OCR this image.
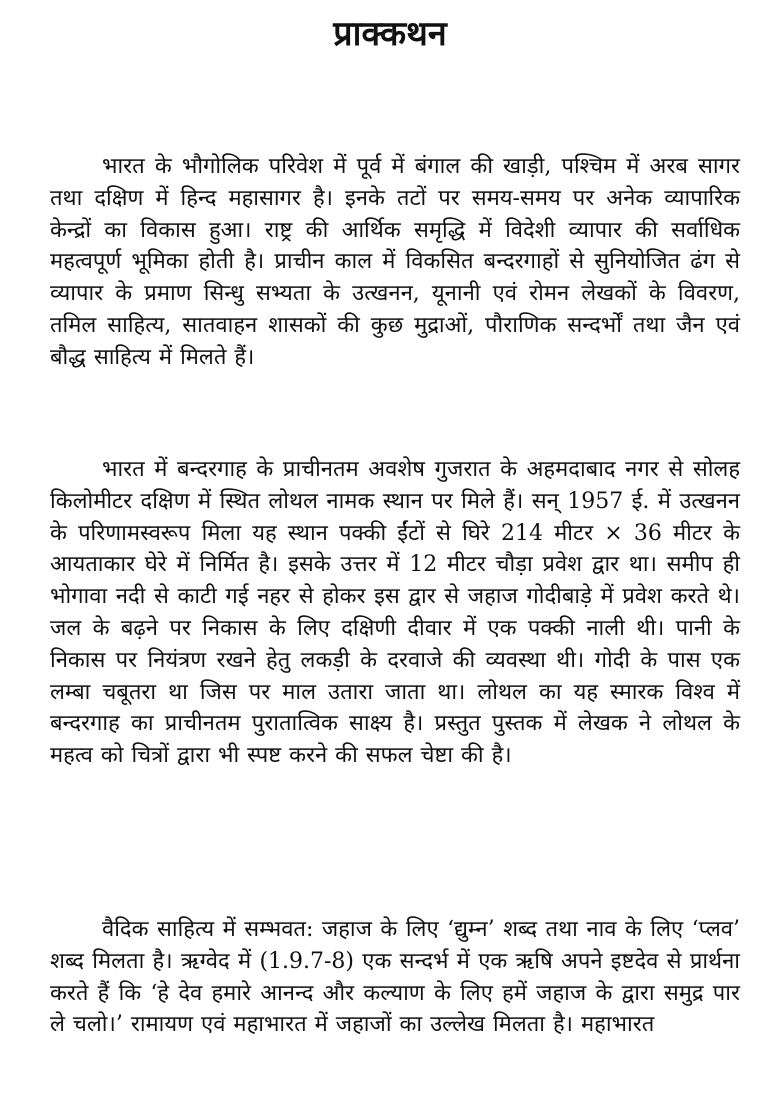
प्राक्कथन

भारत के भौगोलिक परिवेश में पूर्व में बंगाल की खाड़ी, पश्चिम में अरब सागर तथा दक्षिण में हिन्द महासागर है। इनके तटों पर समय-समय पर अनेक व्यापारिक केन्द्रों का विकास हुआ। राष्ट्र की आर्थिक समृद्धि में विदेशी व्यापार की सर्वाधिक महत्वपूर्ण भूमिका होती है। प्राचीन काल में विकसित बन्दरगाहों से सुनियोजित ढंग से व्यापार के प्रमाण सिन्धु सभ्यता के उत्खनन, यूनानी एवं रोमन लेखकों के विवरण, तमिल साहित्य, सातवाहन शासकों की कुछ मुद्राओं, पौराणिक सन्दर्भों तथा जैन एवं बौद्ध साहित्य में मिलते हैं।

भारत में बन्दरगाह के प्राचीनतम अवशेष गुजरात के अहमदाबाद नगर से सोलह किलोमीटर दक्षिण में स्थित लोथल नामक स्थान पर मिले हैं। सन् 1957 ई. में उत्खनन के परिणामस्वरूप मिला यह स्थान पक्की ईंटों से घिरे 214 मीटर × 36 मीटर के आयताकार घेरे में निर्मित है। इसके उत्तर में 12 मीटर चौड़ा प्रवेश द्वार था। समीप ही भोगावा नदी से काटी गई नहर से होकर इस द्वार से जहाज गोदीबाड़े में प्रवेश करते थे। जल के बढ़ने पर निकास के लिए दक्षिणी दीवार में एक पक्की नाली थी। पानी के निकास पर नियंत्रण रखने हेतु लकड़ी के दरवाजे की व्यवस्था थी। गोदी के पास एक लम्बा चबूतरा था जिस पर माल उतारा जाता था। लोथल का यह स्मारक विश्व में बन्दरगाह का प्राचीनतम पुरातात्विक साक्ष्य है। प्रस्तुत पुस्तक में लेखक ने लोथल के महत्व को चित्रों द्वारा भी स्पष्ट करने की सफल चेष्टा की है।

वैदिक साहित्य में सम्भवत: जहाज के लिए ‘द्युम्न’ शब्द तथा नाव के लिए ‘प्लव’ शब्द मिलता है। ऋग्वेद में (1.9.7-8) एक सन्दर्भ में एक ऋषि अपने इष्टदेव से प्रार्थना करते हैं कि ‘हे देव हमारे आनन्द और कल्याण के लिए हमें जहाज के द्वारा समुद्र पार ले चलो।’ रामायण एवं महाभारत में जहाजों का उल्लेख मिलता है। महाभारत
